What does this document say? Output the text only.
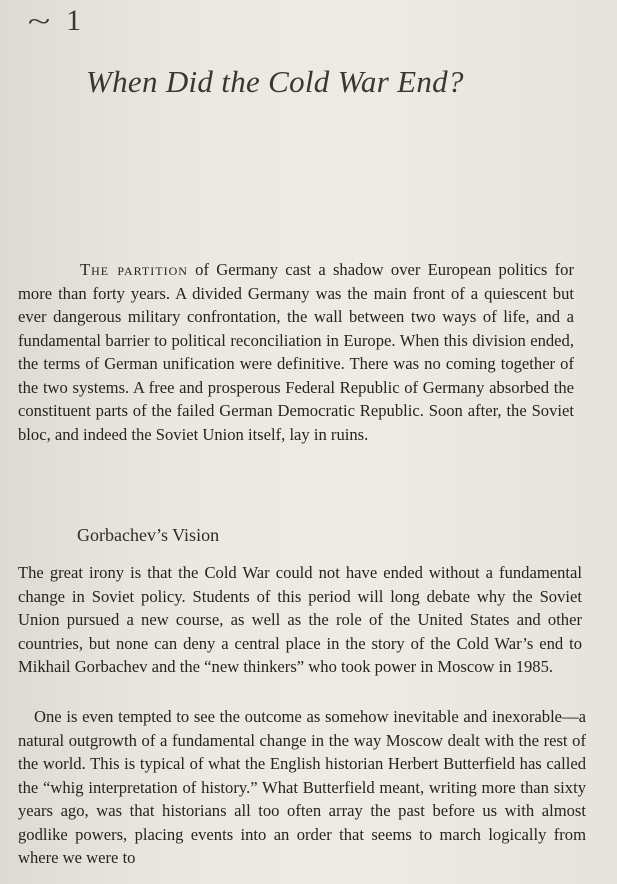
~ 1
When Did the Cold War End?

The partition of Germany cast a shadow over European politics for more than forty years. A divided Germany was the main front of a quiescent but ever dangerous military confrontation, the wall between two ways of life, and a fundamental barrier to political reconciliation in Europe. When this division ended, the terms of German unification were definitive. There was no coming together of the two systems. A free and prosperous Federal Republic of Germany absorbed the constituent parts of the failed German Democratic Republic. Soon after, the Soviet bloc, and indeed the Soviet Union itself, lay in ruins.

Gorbachev’s Vision

The great irony is that the Cold War could not have ended without a fundamental change in Soviet policy. Students of this period will long debate why the Soviet Union pursued a new course, as well as the role of the United States and other countries, but none can deny a central place in the story of the Cold War’s end to Mikhail Gorbachev and the “new thinkers” who took power in Moscow in 1985.

One is even tempted to see the outcome as somehow inevitable and inexorable—a natural outgrowth of a fundamental change in the way Moscow dealt with the rest of the world. This is typical of what the English historian Herbert Butterfield has called the “whig interpretation of history.” What Butterfield meant, writing more than sixty years ago, was that historians all too often array the past before us with almost godlike powers, placing events into an order that seems to march logically from where we were to
